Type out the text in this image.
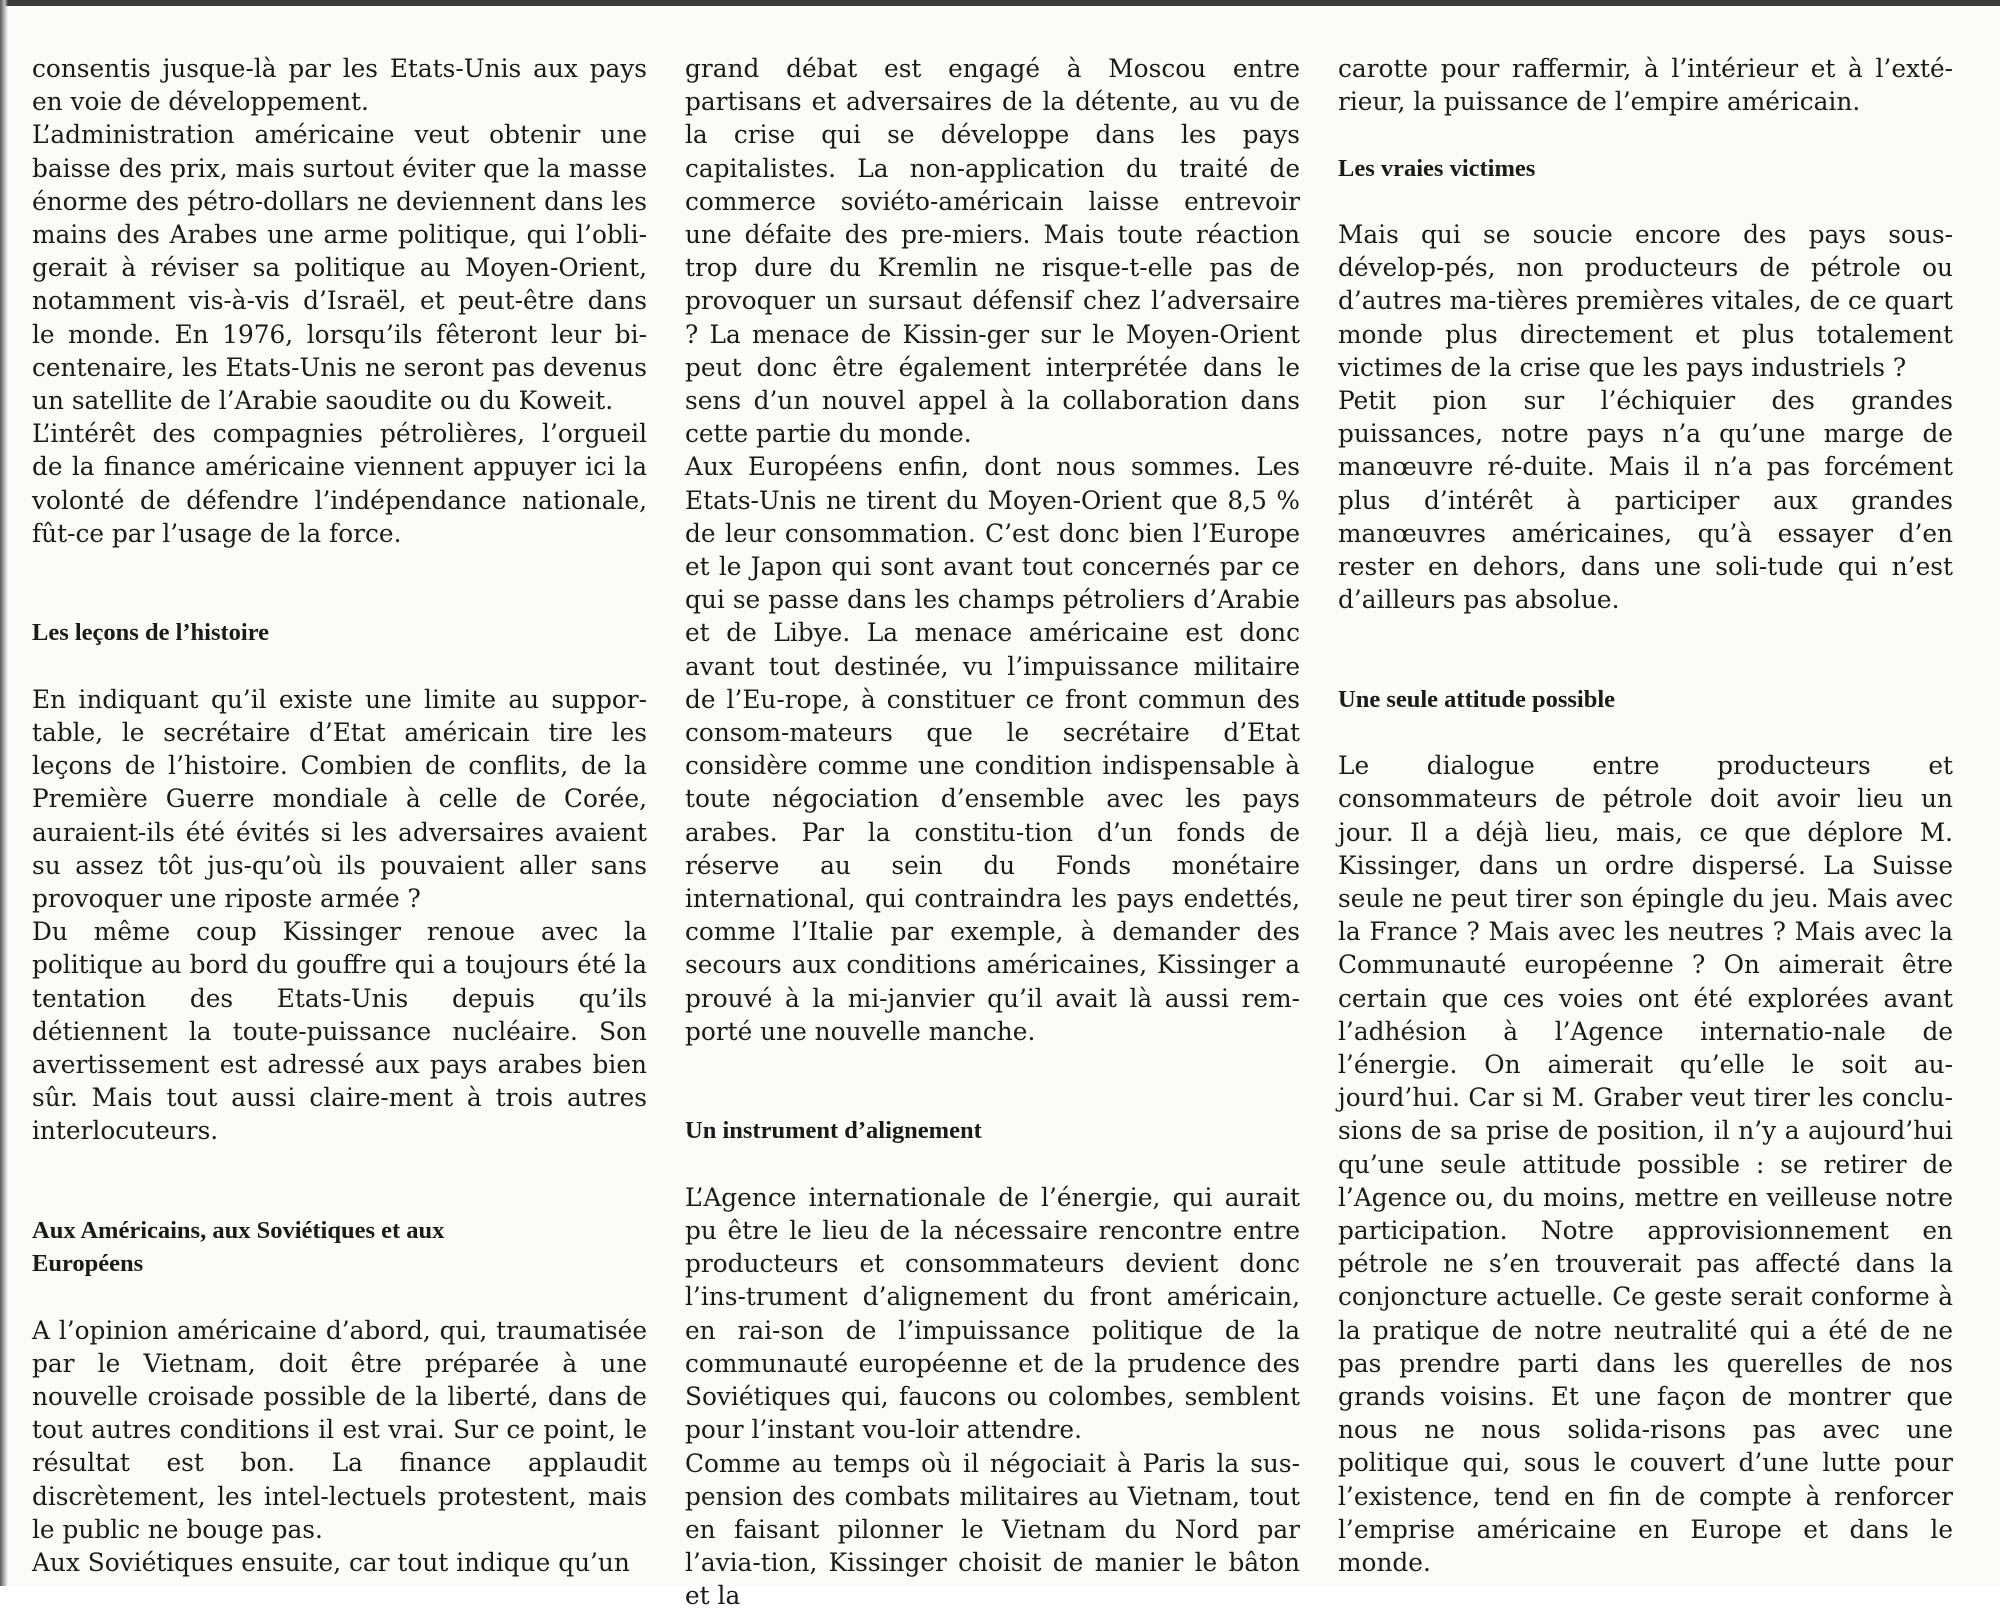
consentis jusque-là par les Etats-Unis aux pays en voie de développement.

L’administration américaine veut obtenir une baisse des prix, mais surtout éviter que la masse énorme des pétro-dollars ne deviennent dans les mains des Arabes une arme politique, qui l’obli-gerait à réviser sa politique au Moyen-Orient, notamment vis-à-vis d’Israël, et peut-être dans le monde. En 1976, lorsqu’ils fêteront leur bi-centenaire, les Etats-Unis ne seront pas devenus un satellite de l’Arabie saoudite ou du Koweit.

L’intérêt des compagnies pétrolières, l’orgueil de la finance américaine viennent appuyer ici la volonté de défendre l’indépendance nationale, fût-ce par l’usage de la force.

Les leçons de l’histoire

En indiquant qu’il existe une limite au suppor-table, le secrétaire d’Etat américain tire les leçons de l’histoire. Combien de conflits, de la Première Guerre mondiale à celle de Corée, auraient-ils été évités si les adversaires avaient su assez tôt jus-qu’où ils pouvaient aller sans provoquer une riposte armée ?

Du même coup Kissinger renoue avec la politique au bord du gouffre qui a toujours été la tentation des Etats-Unis depuis qu’ils détiennent la toute-puissance nucléaire. Son avertissement est adressé aux pays arabes bien sûr. Mais tout aussi claire-ment à trois autres interlocuteurs.

Aux Américains, aux Soviétiques et aux Européens

A l’opinion américaine d’abord, qui, traumatisée par le Vietnam, doit être préparée à une nouvelle croisade possible de la liberté, dans de tout autres conditions il est vrai. Sur ce point, le résultat est bon. La finance applaudit discrètement, les intel-lectuels protestent, mais le public ne bouge pas.

Aux Soviétiques ensuite, car tout indique qu’un

grand débat est engagé à Moscou entre partisans et adversaires de la détente, au vu de la crise qui se développe dans les pays capitalistes. La non-application du traité de commerce soviéto-américain laisse entrevoir une défaite des pre-miers. Mais toute réaction trop dure du Kremlin ne risque-t-elle pas de provoquer un sursaut défensif chez l’adversaire ? La menace de Kissin-ger sur le Moyen-Orient peut donc être également interprétée dans le sens d’un nouvel appel à la collaboration dans cette partie du monde.

Aux Européens enfin, dont nous sommes. Les Etats-Unis ne tirent du Moyen-Orient que 8,5 % de leur consommation. C’est donc bien l’Europe et le Japon qui sont avant tout concernés par ce qui se passe dans les champs pétroliers d’Arabie et de Libye. La menace américaine est donc avant tout destinée, vu l’impuissance militaire de l’Eu-rope, à constituer ce front commun des consom-mateurs que le secrétaire d’Etat considère comme une condition indispensable à toute négociation d’ensemble avec les pays arabes. Par la constitu-tion d’un fonds de réserve au sein du Fonds monétaire international, qui contraindra les pays endettés, comme l’Italie par exemple, à demander des secours aux conditions américaines, Kissinger a prouvé à la mi-janvier qu’il avait là aussi rem-porté une nouvelle manche.

Un instrument d’alignement

L’Agence internationale de l’énergie, qui aurait pu être le lieu de la nécessaire rencontre entre producteurs et consommateurs devient donc l’ins-trument d’alignement du front américain, en rai-son de l’impuissance politique de la communauté européenne et de la prudence des Soviétiques qui, faucons ou colombes, semblent pour l’instant vou-loir attendre.

Comme au temps où il négociait à Paris la sus-pension des combats militaires au Vietnam, tout en faisant pilonner le Vietnam du Nord par l’avia-tion, Kissinger choisit de manier le bâton et la

carotte pour raffermir, à l’intérieur et à l’exté-rieur, la puissance de l’empire américain.

Les vraies victimes

Mais qui se soucie encore des pays sous-dévelop-pés, non producteurs de pétrole ou d’autres ma-tières premières vitales, de ce quart monde plus directement et plus totalement victimes de la crise que les pays industriels ?

Petit pion sur l’échiquier des grandes puissances, notre pays n’a qu’une marge de manœuvre ré-duite. Mais il n’a pas forcément plus d’intérêt à participer aux grandes manœuvres américaines, qu’à essayer d’en rester en dehors, dans une soli-tude qui n’est d’ailleurs pas absolue.

Une seule attitude possible

Le dialogue entre producteurs et consommateurs de pétrole doit avoir lieu un jour. Il a déjà lieu, mais, ce que déplore M. Kissinger, dans un ordre dispersé. La Suisse seule ne peut tirer son épingle du jeu. Mais avec la France ? Mais avec les neutres ? Mais avec la Communauté européenne ? On aimerait être certain que ces voies ont été explorées avant l’adhésion à l’Agence internatio-nale de l’énergie. On aimerait qu’elle le soit au-jourd’hui. Car si M. Graber veut tirer les conclu-sions de sa prise de position, il n’y a aujourd’hui qu’une seule attitude possible : se retirer de l’Agence ou, du moins, mettre en veilleuse notre participation. Notre approvisionnement en pétrole ne s’en trouverait pas affecté dans la conjoncture actuelle. Ce geste serait conforme à la pratique de notre neutralité qui a été de ne pas prendre parti dans les querelles de nos grands voisins. Et une façon de montrer que nous ne nous solida-risons pas avec une politique qui, sous le couvert d’une lutte pour l’existence, tend en fin de compte à renforcer l’emprise américaine en Europe et dans le monde.
